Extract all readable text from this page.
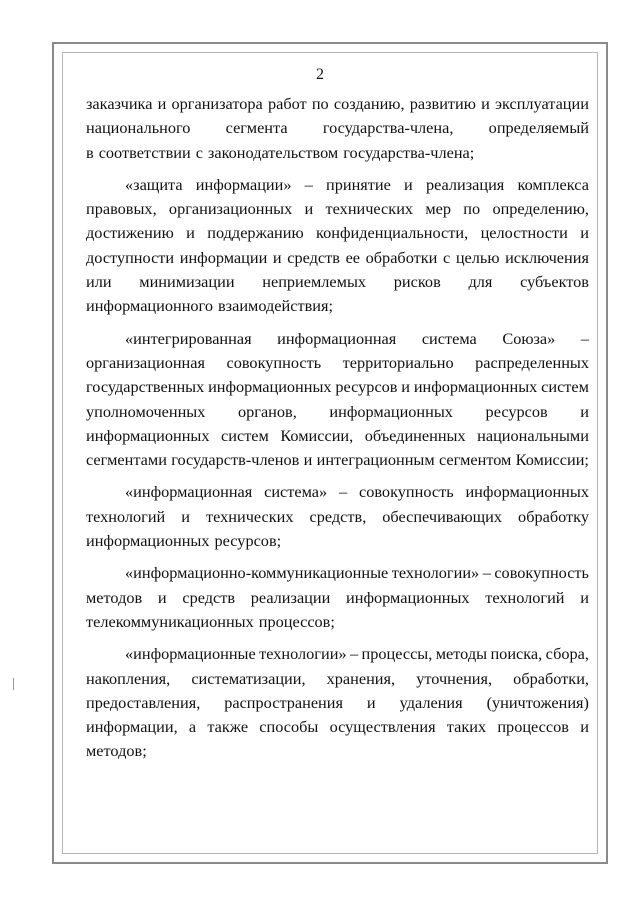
2
заказчика и организатора работ по созданию, развитию и эксплуатации
национального сегмента государства-члена, определяемый
в соответствии с законодательством государства-члена;
«защита информации» – принятие и реализация комплекса
правовых, организационных и технических мер по определению,
достижению и поддержанию конфиденциальности, целостности и
доступности информации и средств ее обработки с целью исключения
или минимизации неприемлемых рисков для субъектов
информационного взаимодействия;
«интегрированная информационная система Союза» –
организационная совокупность территориально распределенных
государственных информационных ресурсов и информационных систем
уполномоченных органов, информационных ресурсов и
информационных систем Комиссии, объединенных национальными
сегментами государств-членов и интеграционным сегментом Комиссии;
«информационная система» – совокупность информационных
технологий и технических средств, обеспечивающих обработку
информационных ресурсов;
«информационно-коммуникационные технологии» – совокупность
методов и средств реализации информационных технологий и
телекоммуникационных процессов;
«информационные технологии» – процессы, методы поиска, сбора,
накопления, систематизации, хранения, уточнения, обработки,
предоставления, распространения и удаления (уничтожения)
информации, а также способы осуществления таких процессов и
методов;
